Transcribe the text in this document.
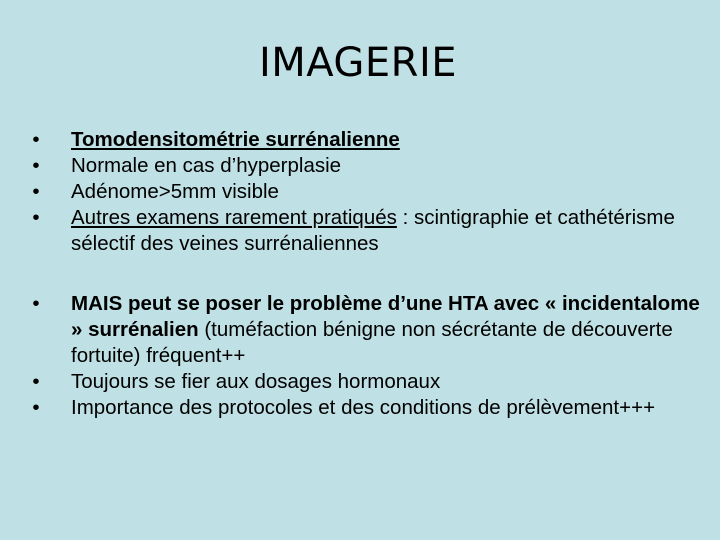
IMAGERIE
• Tomodensitométrie surrénalienne
• Normale en cas d’hyperplasie
• Adénome>5mm visible
• Autres examens rarement pratiqués : scintigraphie et cathétérisme sélectif des veines surrénaliennes
• MAIS peut se poser le problème d’une HTA avec « incidentalome » surrénalien (tuméfaction bénigne non sécrétante de découverte fortuite) fréquent++
• Toujours se fier aux dosages hormonaux
• Importance des protocoles et des conditions de prélèvement+++
